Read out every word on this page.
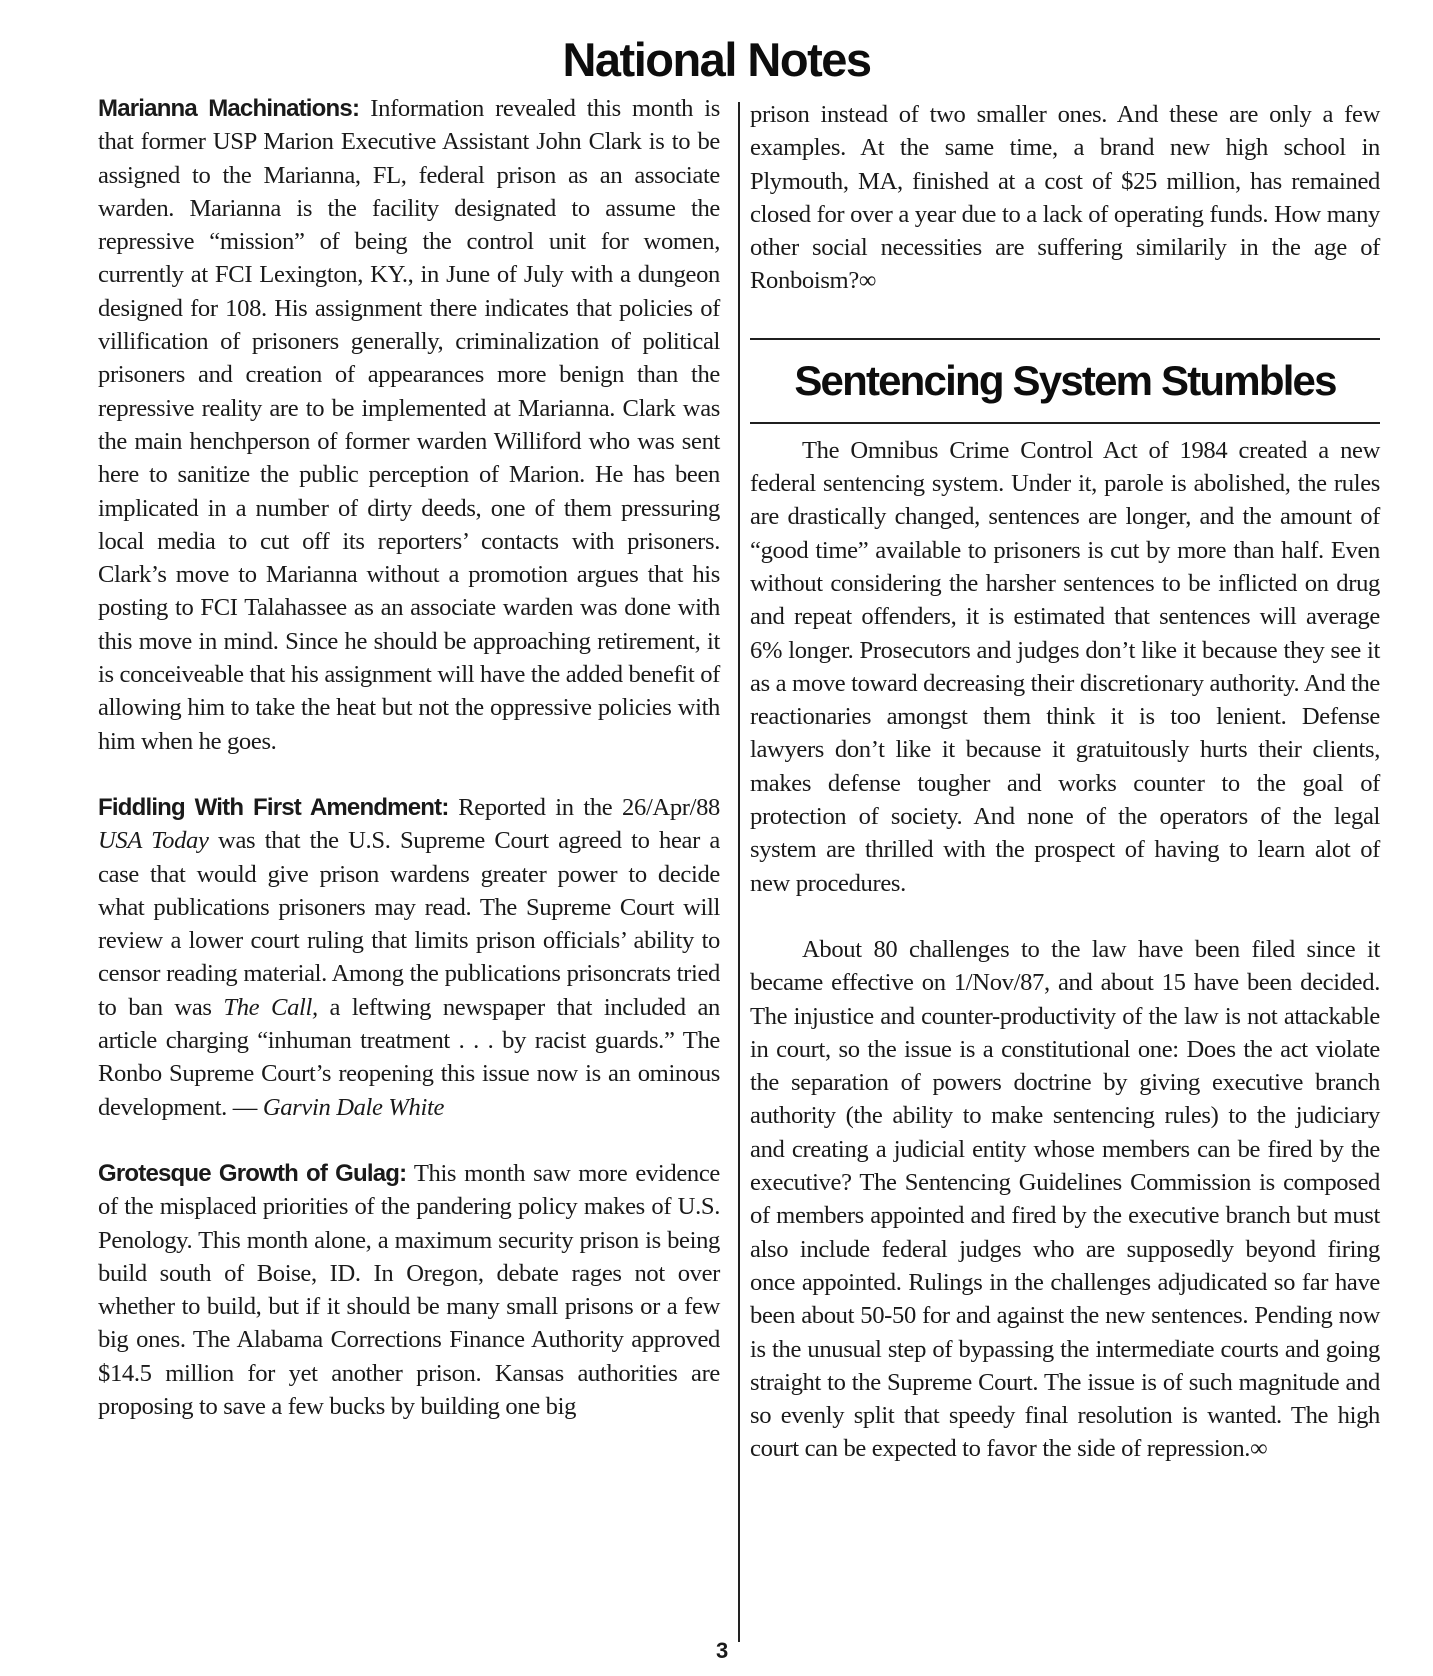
National Notes

Marianna Machinations: Information revealed this month is that former USP Marion Executive Assistant John Clark is to be assigned to the Marianna, FL, federal prison as an associate warden. Marianna is the facility designated to assume the repressive “mission” of being the control unit for women, currently at FCI Lexington, KY., in June of July with a dungeon designed for 108. His assignment there indicates that policies of villification of prisoners generally, criminalization of political prisoners and creation of appearances more benign than the repressive reality are to be implemented at Marianna. Clark was the main henchperson of former warden Williford who was sent here to sanitize the public perception of Marion. He has been implicated in a number of dirty deeds, one of them pressuring local media to cut off its reporters’ contacts with prisoners. Clark’s move to Marianna without a promotion argues that his posting to FCI Talahassee as an associate warden was done with this move in mind. Since he should be approaching retirement, it is conceiveable that his assignment will have the added benefit of allowing him to take the heat but not the oppressive policies with him when he goes.

Fiddling With First Amendment: Reported in the 26/Apr/88 USA Today was that the U.S. Supreme Court agreed to hear a case that would give prison wardens greater power to decide what publications prisoners may read. The Supreme Court will review a lower court ruling that limits prison officials’ ability to censor reading material. Among the publications prisoncrats tried to ban was The Call, a leftwing newspaper that included an article charging “inhuman treatment . . . by racist guards.” The Ronbo Supreme Court’s reopening this issue now is an ominous development. — Garvin Dale White

Grotesque Growth of Gulag: This month saw more evidence of the misplaced priorities of the pandering policy makes of U.S. Penology. This month alone, a maximum security prison is being build south of Boise, ID. In Oregon, debate rages not over whether to build, but if it should be many small prisons or a few big ones. The Alabama Corrections Finance Authority approved $14.5 million for yet another prison. Kansas authorities are proposing to save a few bucks by building one big

prison instead of two smaller ones. And these are only a few examples. At the same time, a brand new high school in Plymouth, MA, finished at a cost of $25 million, has remained closed for over a year due to a lack of operating funds. How many other social necessities are suffering similarily in the age of Ronboism?∞

Sentencing System Stumbles

The Omnibus Crime Control Act of 1984 created a new federal sentencing system. Under it, parole is abolished, the rules are drastically changed, sentences are longer, and the amount of “good time” available to prisoners is cut by more than half. Even without considering the harsher sentences to be inflicted on drug and repeat offenders, it is estimated that sentences will average 6% longer. Prosecutors and judges don’t like it because they see it as a move toward decreasing their discretionary authority. And the reactionaries amongst them think it is too lenient. Defense lawyers don’t like it because it gratuitously hurts their clients, makes defense tougher and works counter to the goal of protection of society. And none of the operators of the legal system are thrilled with the prospect of having to learn alot of new procedures.

About 80 challenges to the law have been filed since it became effective on 1/Nov/87, and about 15 have been decided. The injustice and counter-productivity of the law is not attackable in court, so the issue is a constitutional one: Does the act violate the separation of powers doctrine by giving executive branch authority (the ability to make sentencing rules) to the judiciary and creating a judicial entity whose members can be fired by the executive? The Sentencing Guidelines Commission is composed of members appointed and fired by the executive branch but must also include federal judges who are supposedly beyond firing once appointed. Rulings in the challenges adjudicated so far have been about 50-50 for and against the new sentences. Pending now is the unusual step of bypassing the intermediate courts and going straight to the Supreme Court. The issue is of such magnitude and so evenly split that speedy final resolution is wanted. The high court can be expected to favor the side of repression.∞

3
